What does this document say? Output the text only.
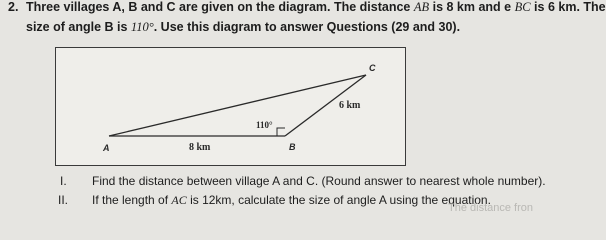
2. Three villages A, B and C are given on the diagram. The distance AB is 8 km and e BC is 6 km. The
size of angle B is 110°. Use this diagram to answer Questions (29 and 30).
A	B
C
8 km
6 km
110°
I. Find the distance between village A and C. (Round answer to nearest whole number).
II. If the length of AC is 12km, calculate the size of angle A using the equation.
The distance fron
